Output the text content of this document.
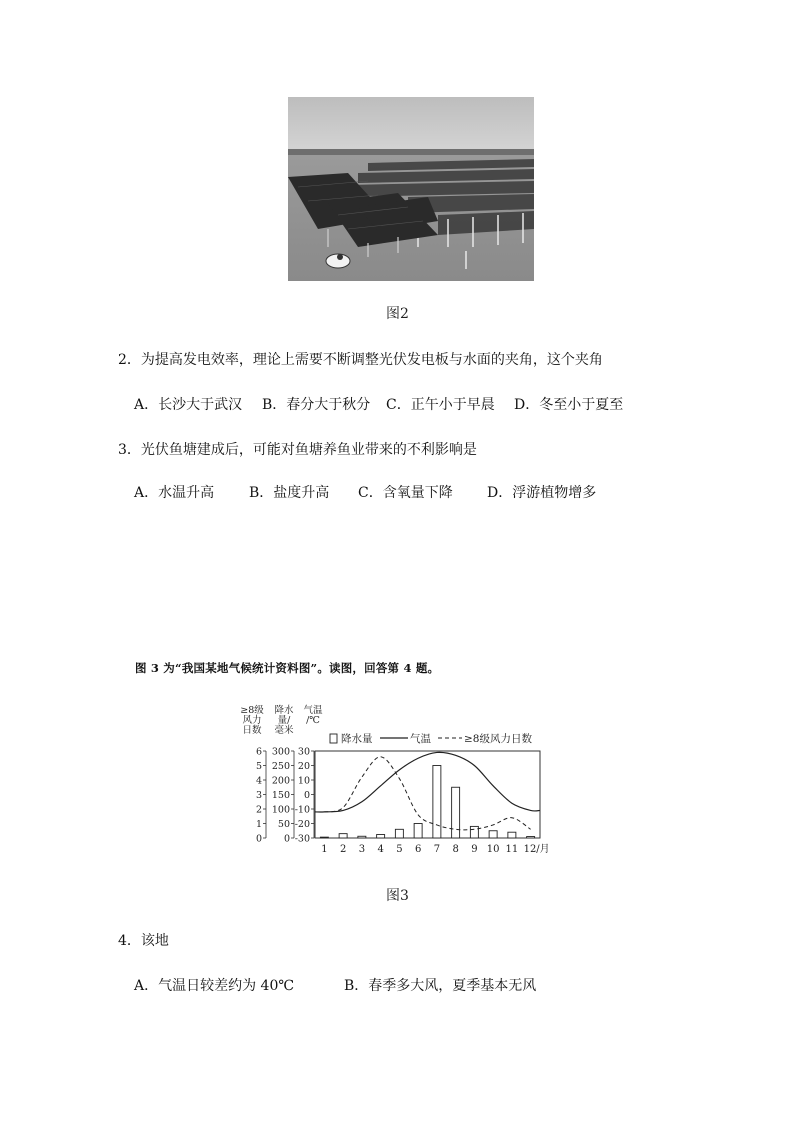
图2
2．为提高发电效率，理论上需要不断调整光伏发电板与水面的夹角，这个夹角
A．长沙大于武汉 B．春分大于秋分 C．正午小于早晨 D．冬至小于夏至
3．光伏鱼塘建成后，可能对鱼塘养鱼业带来的不利影响是
A．水温升高 B．盐度升高 C．含氧量下降 D．浮游植物增多
图 3 为“我国某地气候统计资料图”。读图，回答第 4 题。
≥8级
风力
日数
降水
量/
毫米
气温
/℃
6
5
4
3
2
1
0
300
250
200
150
100
50
0
30
20
10
0
-10
-20
-30
1 2 3 4 5 6 7 8 9 10 11 12/月
降水量	气温	≥8级风力日数
图3
4．该地
A．气温日较差约为 40℃	B．春季多大风，夏季基本无风
